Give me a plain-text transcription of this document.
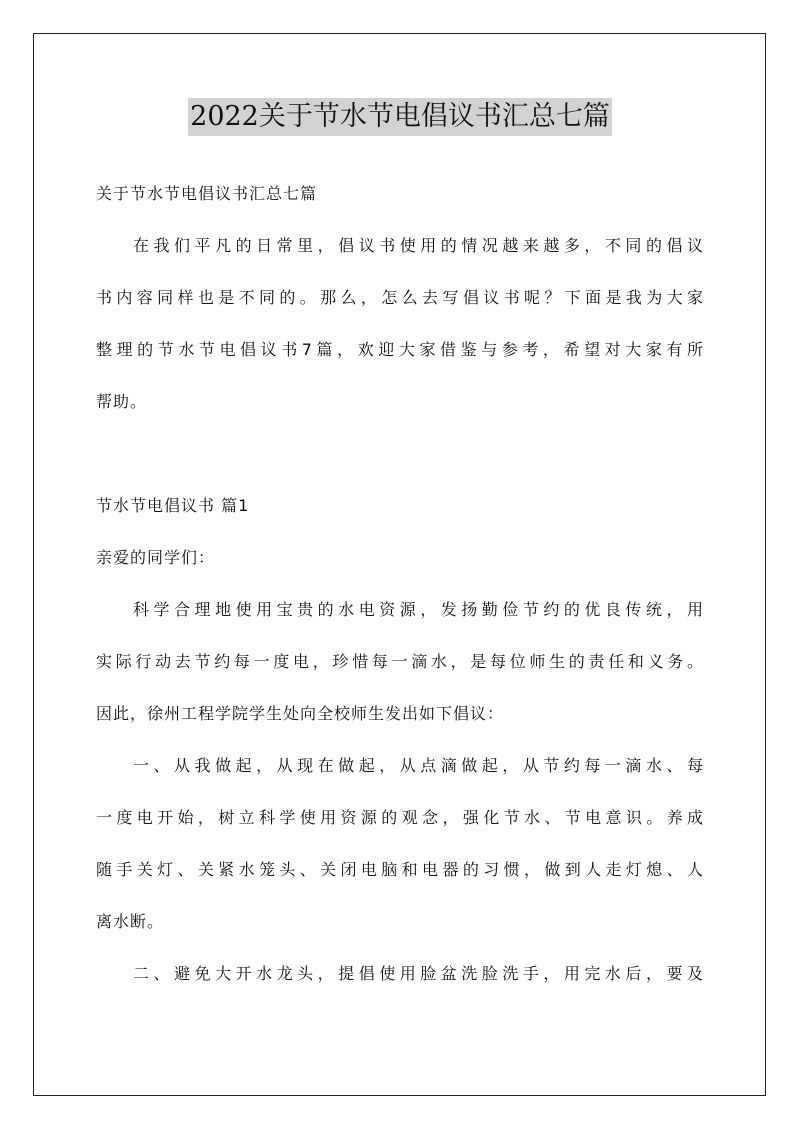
2022关于节水节电倡议书汇总七篇
关于节水节电倡议书汇总七篇
在我们平凡的日常里，倡议书使用的情况越来越多，不同的倡议
书内容同样也是不同的。那么，怎么去写倡议书呢？下面是我为大家
整理的节水节电倡议书7篇，欢迎大家借鉴与参考，希望对大家有所
帮助。
节水节电倡议书 篇1
亲爱的同学们：
科学合理地使用宝贵的水电资源，发扬勤俭节约的优良传统，用
实际行动去节约每一度电，珍惜每一滴水，是每位师生的责任和义务。
因此，徐州工程学院学生处向全校师生发出如下倡议：
一、从我做起，从现在做起，从点滴做起，从节约每一滴水、每
一度电开始，树立科学使用资源的观念，强化节水、节电意识。养成
随手关灯、关紧水笼头、关闭电脑和电器的习惯，做到人走灯熄、人
离水断。
二、避免大开水龙头，提倡使用脸盆洗脸洗手，用完水后，要及
